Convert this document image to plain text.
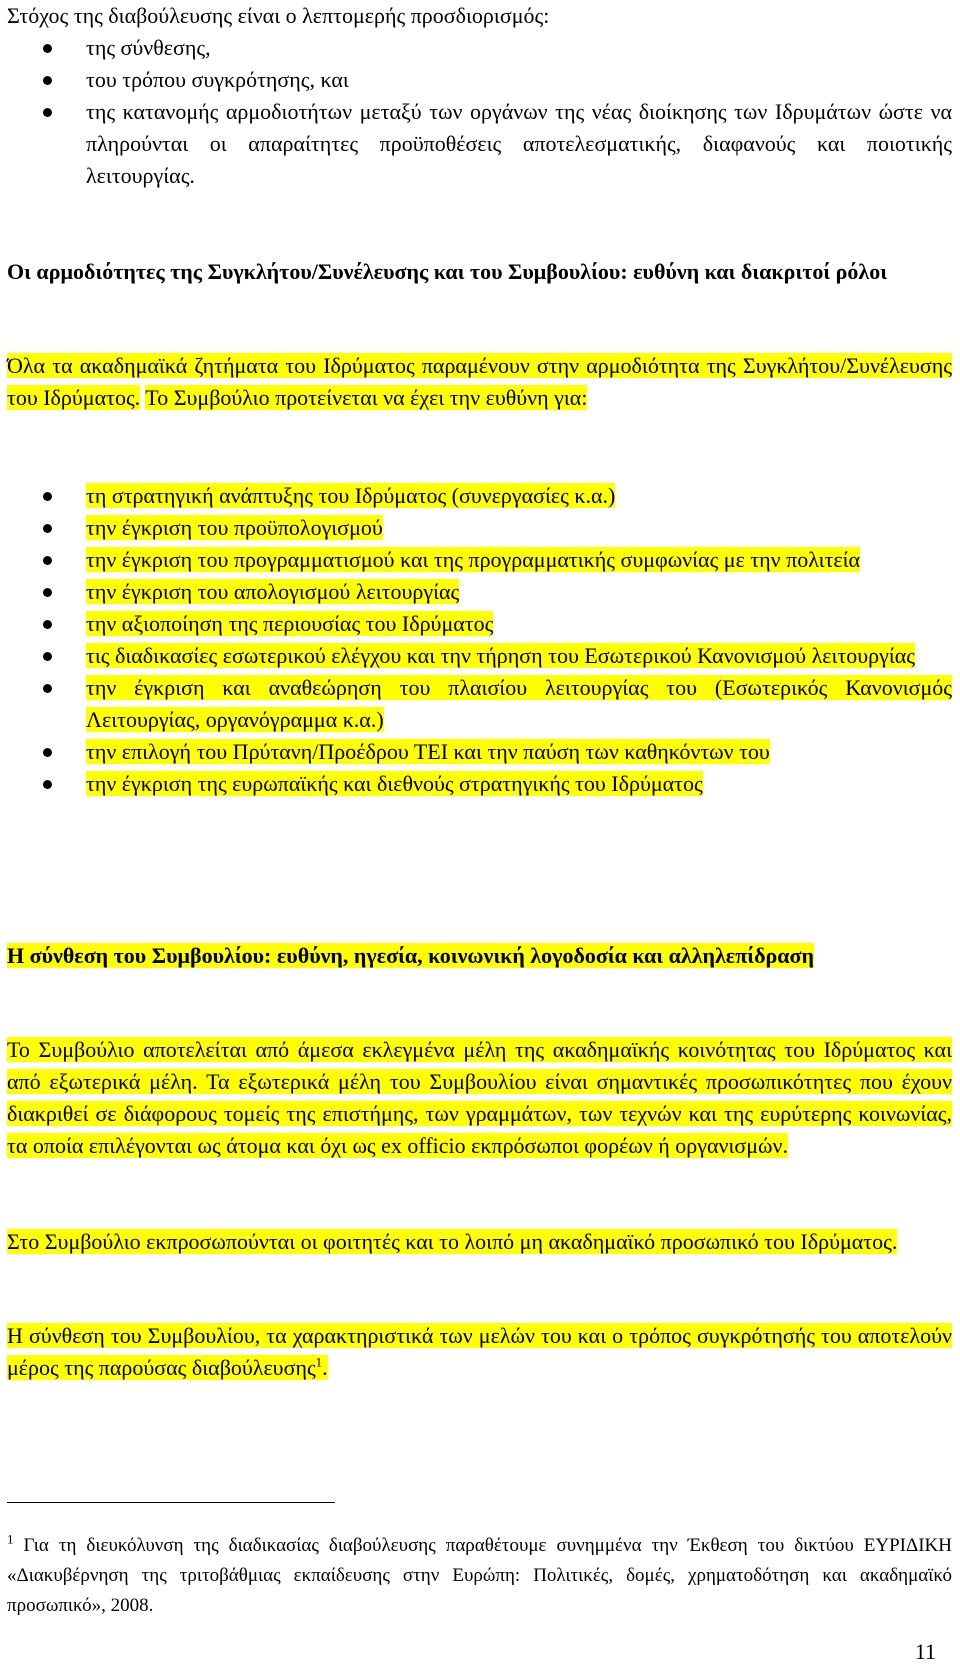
Στόχος της διαβούλευσης είναι ο λεπτομερής προσδιορισμός:

της σύνθεσης,
του τρόπου συγκρότησης, και
της κατανομής αρμοδιοτήτων μεταξύ των οργάνων της νέας διοίκησης των Ιδρυμάτων ώστε να πληρούνται οι απαραίτητες προϋποθέσεις αποτελεσματικής, διαφανούς και ποιοτικής λειτουργίας.

Οι αρμοδιότητες της Συγκλήτου/Συνέλευσης και του Συμβουλίου: ευθύνη και διακριτοί ρόλοι

Όλα τα ακαδημαϊκά ζητήματα του Ιδρύματος παραμένουν στην αρμοδιότητα της Συγκλήτου/Συνέλευσης του Ιδρύματος. Το Συμβούλιο προτείνεται να έχει την ευθύνη για:

τη στρατηγική ανάπτυξης του Ιδρύματος (συνεργασίες κ.α.)
την έγκριση του προϋπολογισμού
την έγκριση του προγραμματισμού και της προγραμματικής συμφωνίας με την πολιτεία
την έγκριση του απολογισμού λειτουργίας
την αξιοποίηση της περιουσίας του Ιδρύματος
τις διαδικασίες εσωτερικού ελέγχου και την τήρηση του Εσωτερικού Κανονισμού λειτουργίας
την έγκριση και αναθεώρηση του πλαισίου λειτουργίας του (Εσωτερικός Κανονισμός Λειτουργίας, οργανόγραμμα κ.α.)
την επιλογή του Πρύτανη/Προέδρου ΤΕΙ και την παύση των καθηκόντων του
την έγκριση της ευρωπαϊκής και διεθνούς στρατηγικής του Ιδρύματος

Η σύνθεση του Συμβουλίου: ευθύνη, ηγεσία, κοινωνική λογοδοσία και αλληλεπίδραση

Το Συμβούλιο αποτελείται από άμεσα εκλεγμένα μέλη της ακαδημαϊκής κοινότητας του Ιδρύματος και από εξωτερικά μέλη. Τα εξωτερικά μέλη του Συμβουλίου είναι σημαντικές προσωπικότητες που έχουν διακριθεί σε διάφορους τομείς της επιστήμης, των γραμμάτων, των τεχνών και της ευρύτερης κοινωνίας, τα οποία επιλέγονται ως άτομα και όχι ως ex officio εκπρόσωποι φορέων ή οργανισμών.

Στο Συμβούλιο εκπροσωπούνται οι φοιτητές και το λοιπό μη ακαδημαϊκό προσωπικό του Ιδρύματος.

Η σύνθεση του Συμβουλίου, τα χαρακτηριστικά των μελών του και ο τρόπος συγκρότησής του αποτελούν μέρος της παρούσας διαβούλευσης$^1$.

$^1$ Για τη διευκόλυνση της διαδικασίας διαβούλευσης παραθέτουμε συνημμένα την Έκθεση του δικτύου ΕΥΡΙΔΙΚΗ «Διακυβέρνηση της τριτοβάθμιας εκπαίδευσης στην Ευρώπη: Πολιτικές, δομές, χρηματοδότηση και ακαδημαϊκό προσωπικό», 2008.

11
